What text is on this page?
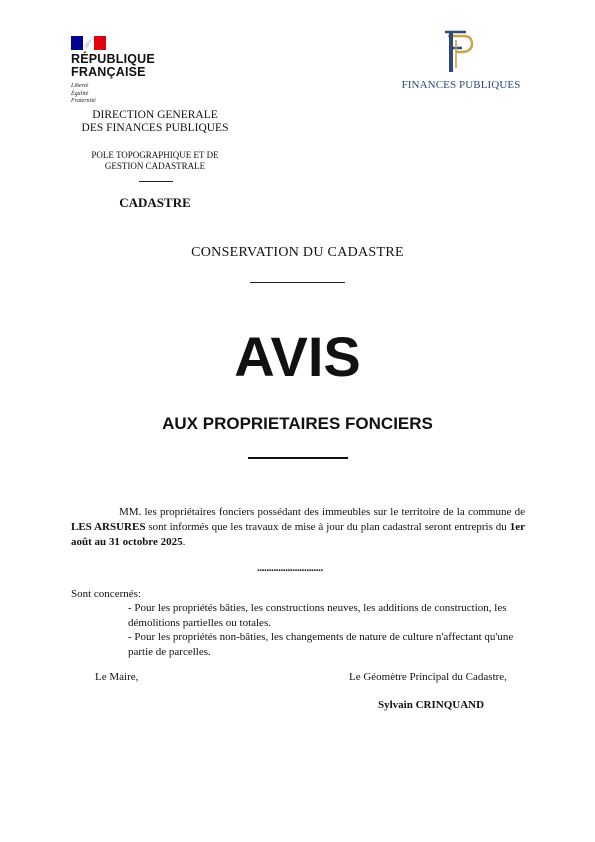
RÉPUBLIQUE
FRANÇAISE
Liberté
Égalité
Fraternité
DIRECTION GENERALE
DES FINANCES PUBLIQUES
POLE TOPOGRAPHIQUE ET DE
GESTION CADASTRALE
CADASTRE
FINANCES PUBLIQUES
CONSERVATION DU CADASTRE
AVIS
AUX PROPRIETAIRES FONCIERS
MM. les propriétaires fonciers possédant des immeubles sur le territoire de la commune de LES ARSURES sont informés que les travaux de mise à jour du plan cadastral seront entrepris du 1er août au 31 octobre 2025.
............................
Sont concernés:
- Pour les propriétés bâties, les constructions neuves, les additions de construction, les démolitions partielles ou totales.
- Pour les propriétés non-bâties, les changements de nature de culture n'affectant qu'une partie de parcelles.
Le Maire,	Le Géomètre Principal du Cadastre,
Sylvain CRINQUAND
